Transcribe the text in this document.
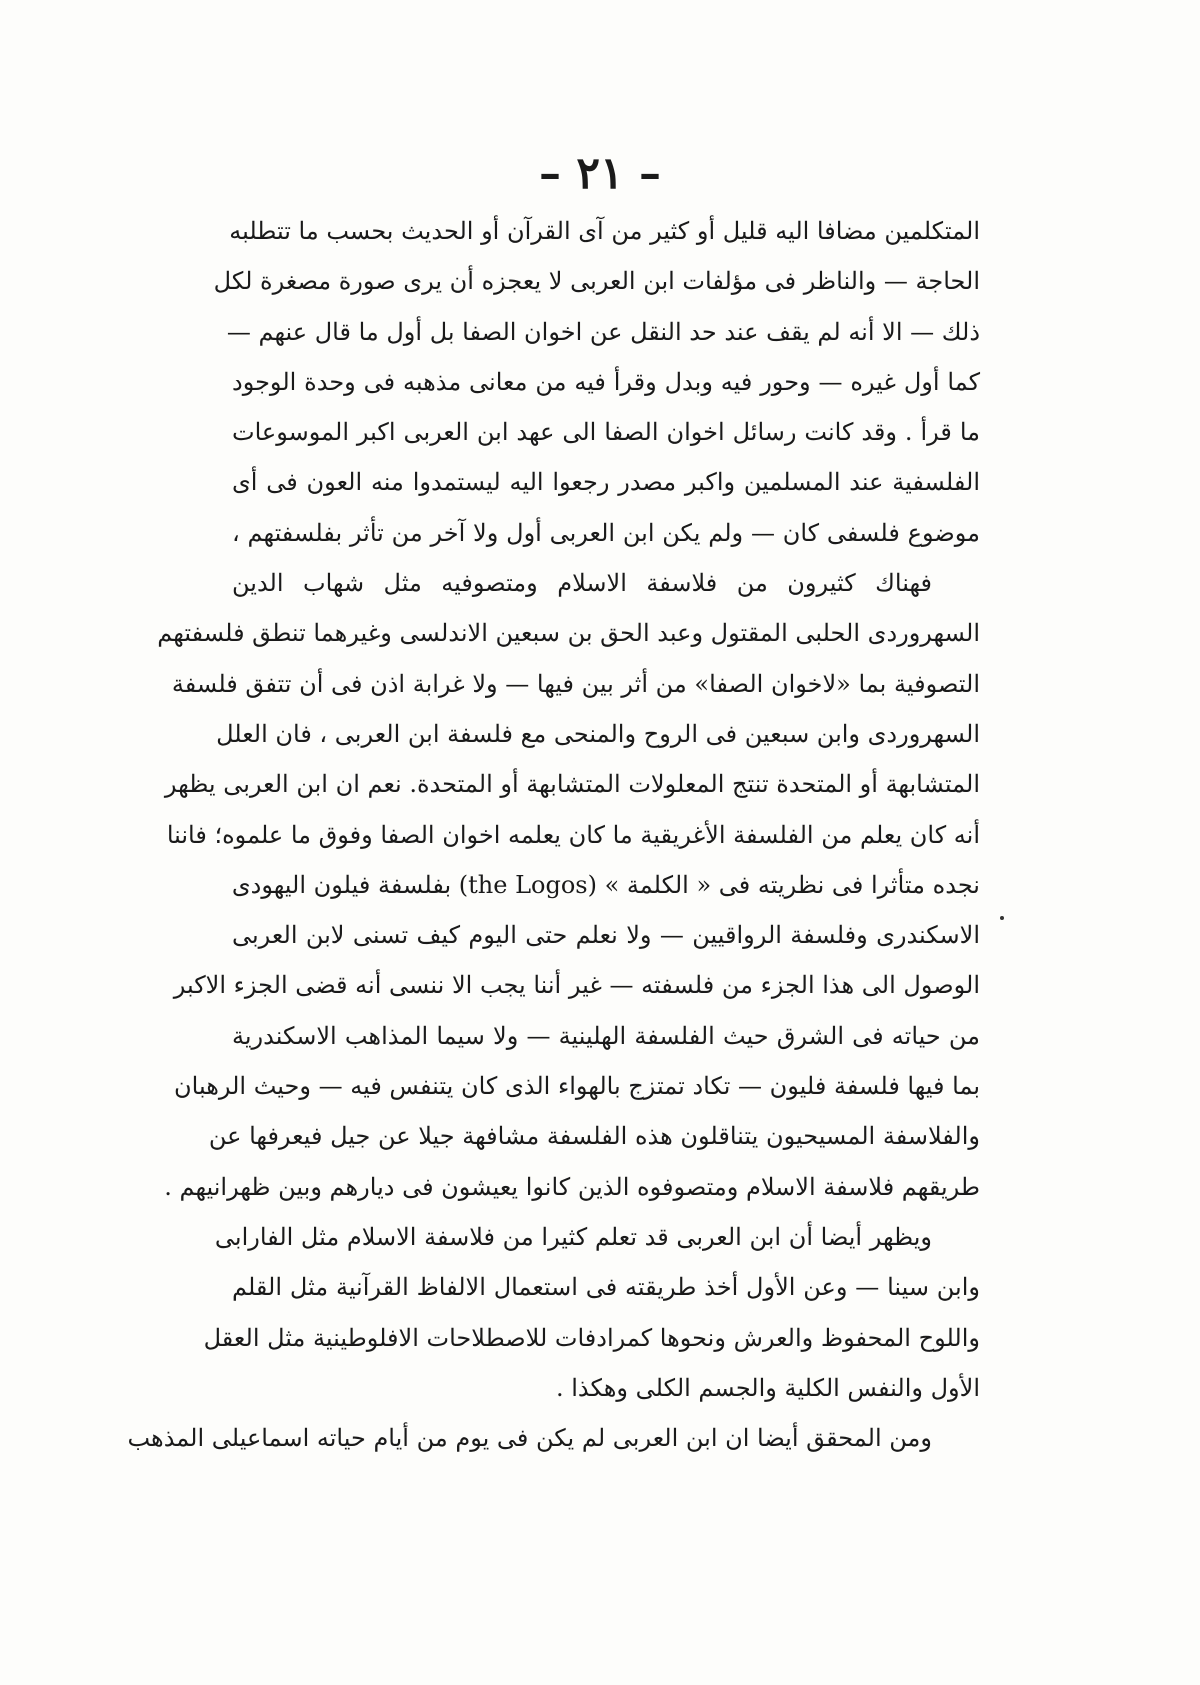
– ٢١ –
المتكلمين مضافا اليه قليل أو كثير من آى القرآن أو الحديث بحسب ما تتطلبه
الحاجة — والناظر فى مؤلفات ابن العربى لا يعجزه أن يرى صورة مصغرة لكل
ذلك — الا أنه لم يقف عند حد النقل عن اخوان الصفا بل أول ما قال عنهم —
كما أول غيره — وحور فيه وبدل وقرأ فيه من معانى مذهبه فى وحدة الوجود
ما قرأ . وقد كانت رسائل اخوان الصفا الى عهد ابن العربى اكبر الموسوعات
الفلسفية عند المسلمين واكبر مصدر رجعوا اليه ليستمدوا منه العون فى أى
موضوع فلسفى كان — ولم يكن ابن العربى أول ولا آخر من تأثر بفلسفتهم ،
فهناك كثيرون من فلاسفة الاسلام ومتصوفيه مثل شهاب الدين
السهروردى الحلبى المقتول وعبد الحق بن سبعين الاندلسى وغيرهما تنطق فلسفتهم
التصوفية بما «لاخوان الصفا» من أثر بين فيها — ولا غرابة اذن فى أن تتفق فلسفة
السهروردى وابن سبعين فى الروح والمنحى مع فلسفة ابن العربى ، فان العلل
المتشابهة أو المتحدة تنتج المعلولات المتشابهة أو المتحدة. نعم ان ابن العربى يظهر
أنه كان يعلم من الفلسفة الأغريقية ما كان يعلمه اخوان الصفا وفوق ما علموه؛ فاننا
نجده متأثرا فى نظريته فى « الكلمة » (the Logos) بفلسفة فيلون اليهودى
الاسكندرى وفلسفة الرواقيين — ولا نعلم حتى اليوم كيف تسنى لابن العربى
الوصول الى هذا الجزء من فلسفته — غير أننا يجب الا ننسى أنه قضى الجزء الاكبر
من حياته فى الشرق حيث الفلسفة الهلينية — ولا سيما المذاهب الاسكندرية
بما فيها فلسفة فليون — تكاد تمتزج بالهواء الذى كان يتنفس فيه — وحيث الرهبان
والفلاسفة المسيحيون يتناقلون هذه الفلسفة مشافهة جيلا عن جيل فيعرفها عن
طريقهم فلاسفة الاسلام ومتصوفوه الذين كانوا يعيشون فى ديارهم وبين ظهرانيهم .
ويظهر أيضا أن ابن العربى قد تعلم كثيرا من فلاسفة الاسلام مثل الفارابى
وابن سينا — وعن الأول أخذ طريقته فى استعمال الالفاظ القرآنية مثل القلم
واللوح المحفوظ والعرش ونحوها كمرادفات للاصطلاحات الافلوطينية مثل العقل
الأول والنفس الكلية والجسم الكلى وهكذا .
ومن المحقق أيضا ان ابن العربى لم يكن فى يوم من أيام حياته اسماعيلى المذهب
